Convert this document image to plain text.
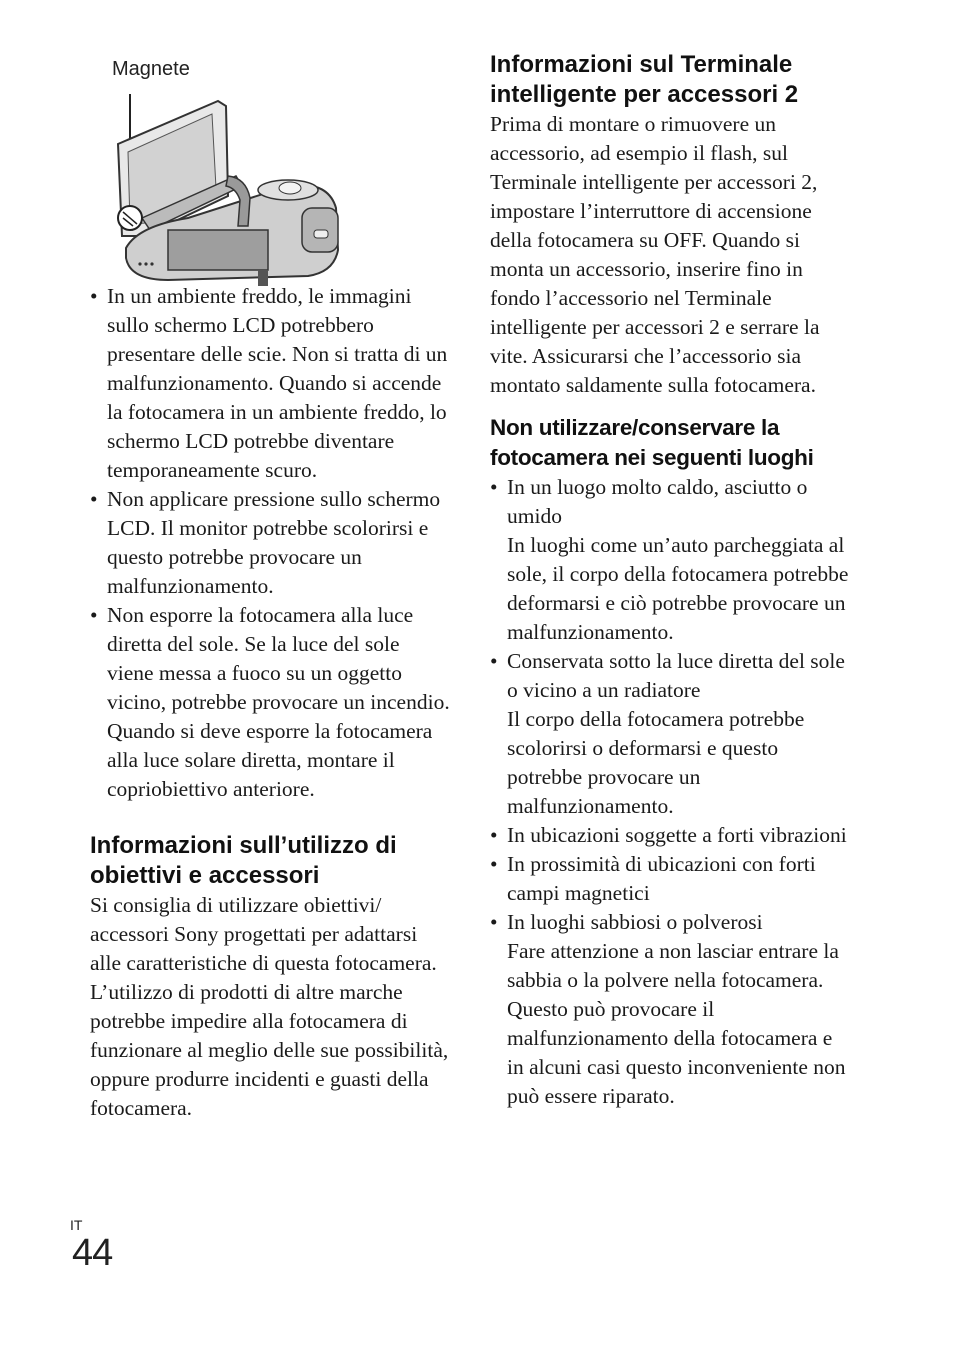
Magnete
• In un ambiente freddo, le immagini sullo schermo LCD potrebbero presentare delle scie. Non si tratta di un malfunzionamento. Quando si accende la fotocamera in un ambiente freddo, lo schermo LCD potrebbe diventare temporaneamente scuro.
• Non applicare pressione sullo schermo LCD. Il monitor potrebbe scolorirsi e questo potrebbe provocare un malfunzionamento.
• Non esporre la fotocamera alla luce diretta del sole. Se la luce del sole viene messa a fuoco su un oggetto vicino, potrebbe provocare un incendio. Quando si deve esporre la fotocamera alla luce solare diretta, montare il copriobiettivo anteriore.
Informazioni sull’utilizzo di obiettivi e accessori

Si consiglia di utilizzare obiettivi/ accessori Sony progettati per adattarsi alle caratteristiche di questa fotocamera. L’utilizzo di prodotti di altre marche potrebbe impedire alla fotocamera di funzionare al meglio delle sue possibilità, oppure produrre incidenti e guasti della fotocamera.

Informazioni sul Terminale intelligente per accessori 2

Prima di montare o rimuovere un accessorio, ad esempio il flash, sul Terminale intelligente per accessori 2, impostare l’interruttore di accensione della fotocamera su OFF. Quando si monta un accessorio, inserire fino in fondo l’accessorio nel Terminale intelligente per accessori 2 e serrare la vite. Assicurarsi che l’accessorio sia montato saldamente sulla fotocamera.

Non utilizzare/conservare la fotocamera nei seguenti luoghi
• In un luogo molto caldo, asciutto o umido
In luoghi come un’auto parcheggiata al sole, il corpo della fotocamera potrebbe deformarsi e ciò potrebbe provocare un malfunzionamento.
• Conservata sotto la luce diretta del sole o vicino a un radiatore
Il corpo della fotocamera potrebbe scolorirsi o deformarsi e questo potrebbe provocare un malfunzionamento.
• In ubicazioni soggette a forti vibrazioni
• In prossimità di ubicazioni con forti campi magnetici
• In luoghi sabbiosi o polverosi
Fare attenzione a non lasciar entrare la sabbia o la polvere nella fotocamera. Questo può provocare il malfunzionamento della fotocamera e in alcuni casi questo inconveniente non può essere riparato.
IT
44
